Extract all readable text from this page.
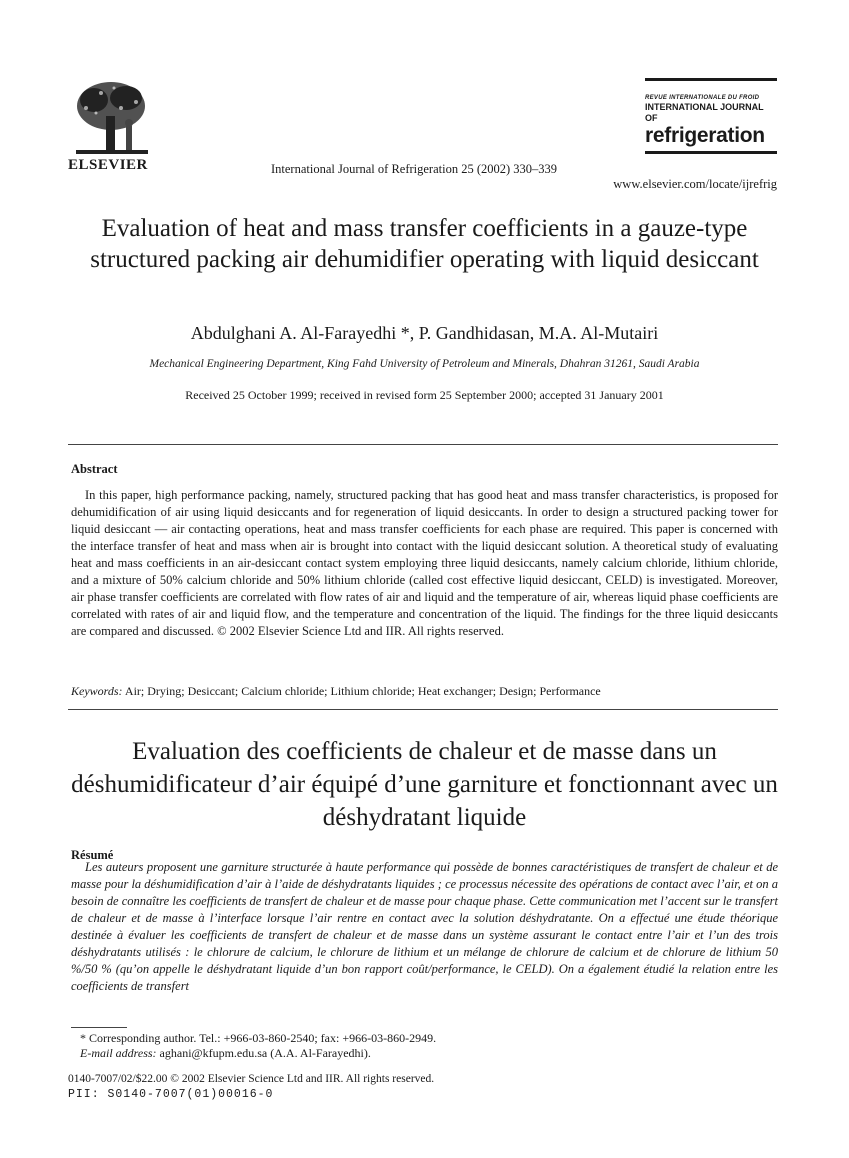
ELSEVIER	International Journal of Refrigeration 25 (2002) 330–339
www.elsevier.com/locate/ijrefrig
REVUE INTERNATIONALE DU FROID
INTERNATIONAL JOURNAL OF
refrigeration
Evaluation of heat and mass transfer coefficients in a gauze-type structured packing air dehumidifier operating with liquid desiccant
Abdulghani A. Al-Farayedhi *, P. Gandhidasan, M.A. Al-Mutairi
Mechanical Engineering Department, King Fahd University of Petroleum and Minerals, Dhahran 31261, Saudi Arabia
Received 25 October 1999; received in revised form 25 September 2000; accepted 31 January 2001
Abstract

In this paper, high performance packing, namely, structured packing that has good heat and mass transfer characteristics, is proposed for dehumidification of air using liquid desiccants and for regeneration of liquid desiccants. In order to design a structured packing tower for liquid desiccant — air contacting operations, heat and mass transfer coefficients for each phase are required. This paper is concerned with the interface transfer of heat and mass when air is brought into contact with the liquid desiccant solution. A theoretical study of evaluating heat and mass coefficients in an air-desiccant contact system employing three liquid desiccants, namely calcium chloride, lithium chloride, and a mixture of 50% calcium chloride and 50% lithium chloride (called cost effective liquid desiccant, CELD) is investigated. Moreover, air phase transfer coefficients are correlated with flow rates of air and liquid and the temperature of air, whereas liquid phase coefficients are correlated with rates of air and liquid flow, and the temperature and concentration of the liquid. The findings for the three liquid desiccants are compared and discussed. © 2002 Elsevier Science Ltd and IIR. All rights reserved.

Keywords: Air; Drying; Desiccant; Calcium chloride; Lithium chloride; Heat exchanger; Design; Performance
Evaluation des coefficients de chaleur et de masse dans un déshumidificateur d’air équipé d’une garniture et fonctionnant avec un déshydratant liquide
Résumé

Les auteurs proposent une garniture structurée à haute performance qui possède de bonnes caractéristiques de transfert de chaleur et de masse pour la déshumidification d’air à l’aide de déshydratants liquides ; ce processus nécessite des opérations de contact avec l’air, et on a besoin de connaître les coefficients de transfert de chaleur et de masse pour chaque phase. Cette communication met l’accent sur le transfert de chaleur et de masse à l’interface lorsque l’air rentre en contact avec la solution déshydratante. On a effectué une étude théorique destinée à évaluer les coefficients de transfert de chaleur et de masse dans un système assurant le contact entre l’air et l’un des trois déshydratants utilisés : le chlorure de calcium, le chlorure de lithium et un mélange de chlorure de calcium et de chlorure de lithium 50 %/50 % (qu’on appelle le déshydratant liquide d’un bon rapport coût/performance, le CELD). On a également étudié la relation entre les coefficients de transfert

* Corresponding author. Tel.: +966-03-860-2540; fax: +966-03-860-2949.
E-mail address: aghani@kfupm.edu.sa (A.A. Al-Farayedhi).
0140-7007/02/$22.00 © 2002 Elsevier Science Ltd and IIR. All rights reserved.
PII: S0140-7007(01)00016-0
